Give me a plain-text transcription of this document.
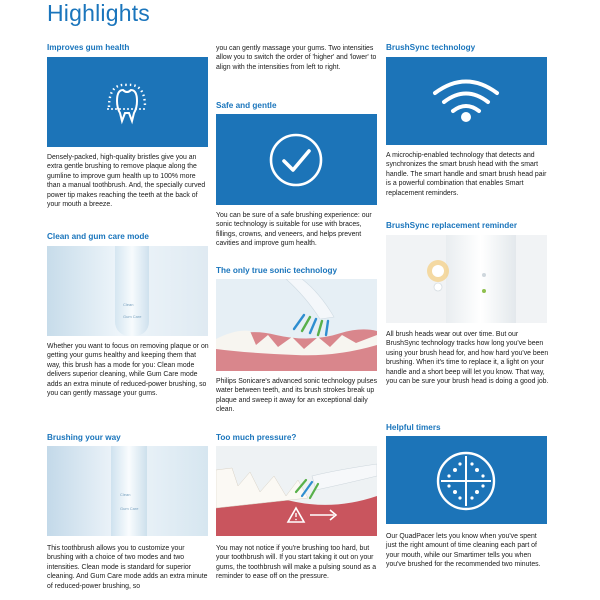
Highlights
Improves gum health
Densely-packed, high-quality bristles give you an extra gentle brushing to remove plaque along the gumline to improve gum health up to 100% more than a manual toothbrush. And, the specially curved power tip makes reaching the teeth at the back of your mouth a breeze.
Clean and gum care mode
Clean
Gum Care
Whether you want to focus on removing plaque or on getting your gums healthy and keeping them that way, this brush has a mode for you: Clean mode delivers superior cleaning, while Gum Care mode adds an extra minute of reduced-power brushing, so you can gently massage your gums.
Brushing your way
Clean
Gum Care
This toothbrush allows you to customize your brushing with a choice of two modes and two intensities. Clean mode is standard for superior cleaning. And Gum Care mode adds an extra minute of reduced-power brushing, so
you can gently massage your gums. Two intensities allow you to switch the order of 'higher' and 'lower' to align with the intensities from left to right.
Safe and gentle
You can be sure of a safe brushing experience: our sonic technology is suitable for use with braces, fillings, crowns, and veneers, and helps prevent cavities and improve gum health.
The only true sonic technology
Philips Sonicare's advanced sonic technology pulses water between teeth, and its brush strokes break up plaque and sweep it away for an exceptional daily clean.
Too much pressure?
You may not notice if you're brushing too hard, but your toothbrush will. If you start taking it out on your gums, the toothbrush will make a pulsing sound as a reminder to ease off on the pressure.
BrushSync technology
A microchip-enabled technology that detects and synchronizes the smart brush head with the smart handle. The smart handle and smart brush head pair is a powerful combination that enables Smart replacement reminders.
BrushSync replacement reminder
All brush heads wear out over time. But our BrushSync technology tracks how long you've been using your brush head for, and how hard you've been brushing. When it's time to replace it, a light on your handle and a short beep will let you know. That way, you can be sure your brush head is doing a good job.
Helpful timers
Our QuadPacer lets you know when you've spent just the right amount of time cleaning each part of your mouth, while our Smartimer tells you when you've brushed for the recommended two minutes.
